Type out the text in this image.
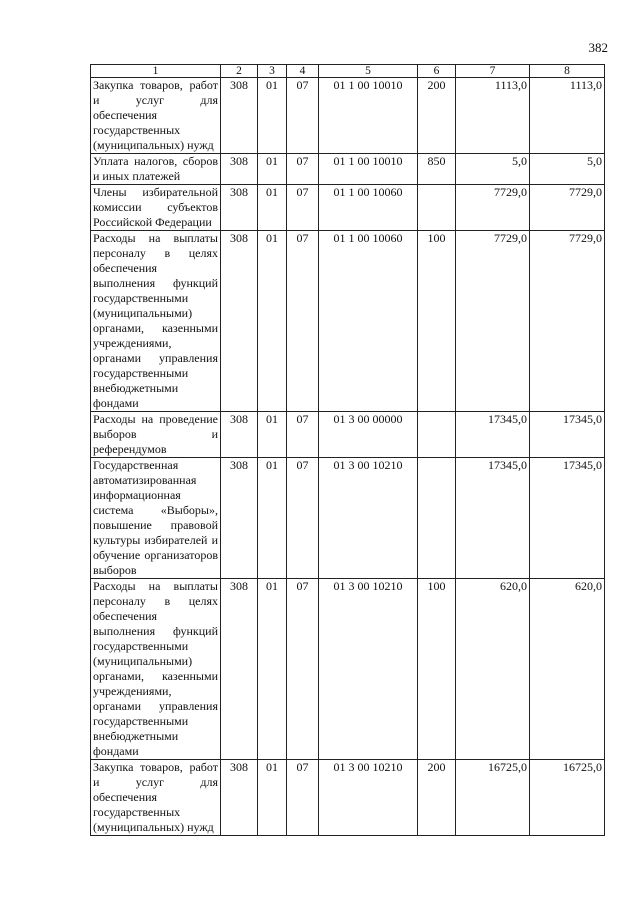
382
1	2	3	4	5	6	7	8
Закупка товаров, работ и услуг для обеспечения государственных (муниципальных) нужд	308	01	07	01 1 00 10010	200	1113,0	1113,0
Уплата налогов, сборов и иных платежей	308	01	07	01 1 00 10010	850	5,0	5,0
Члены избирательной комиссии субъектов Российской Федерации	308	01	07	01 1 00 10060		7729,0	7729,0
Расходы на выплаты персоналу в целях обеспечения выполнения функций государственными (муниципальными) органами, казенными учреждениями, органами управления государственными внебюджетными фондами	308	01	07	01 1 00 10060	100	7729,0	7729,0
Расходы на проведение выборов и референдумов	308	01	07	01 3 00 00000		17345,0	17345,0
Государственная автоматизированная информационная система «Выборы», повышение правовой культуры избирателей и обучение организаторов выборов	308	01	07	01 3 00 10210		17345,0	17345,0
Расходы на выплаты персоналу в целях обеспечения выполнения функций государственными (муниципальными) органами, казенными учреждениями, органами управления государственными внебюджетными фондами	308	01	07	01 3 00 10210	100	620,0	620,0
Закупка товаров, работ и услуг для обеспечения государственных (муниципальных) нужд	308	01	07	01 3 00 10210	200	16725,0	16725,0
